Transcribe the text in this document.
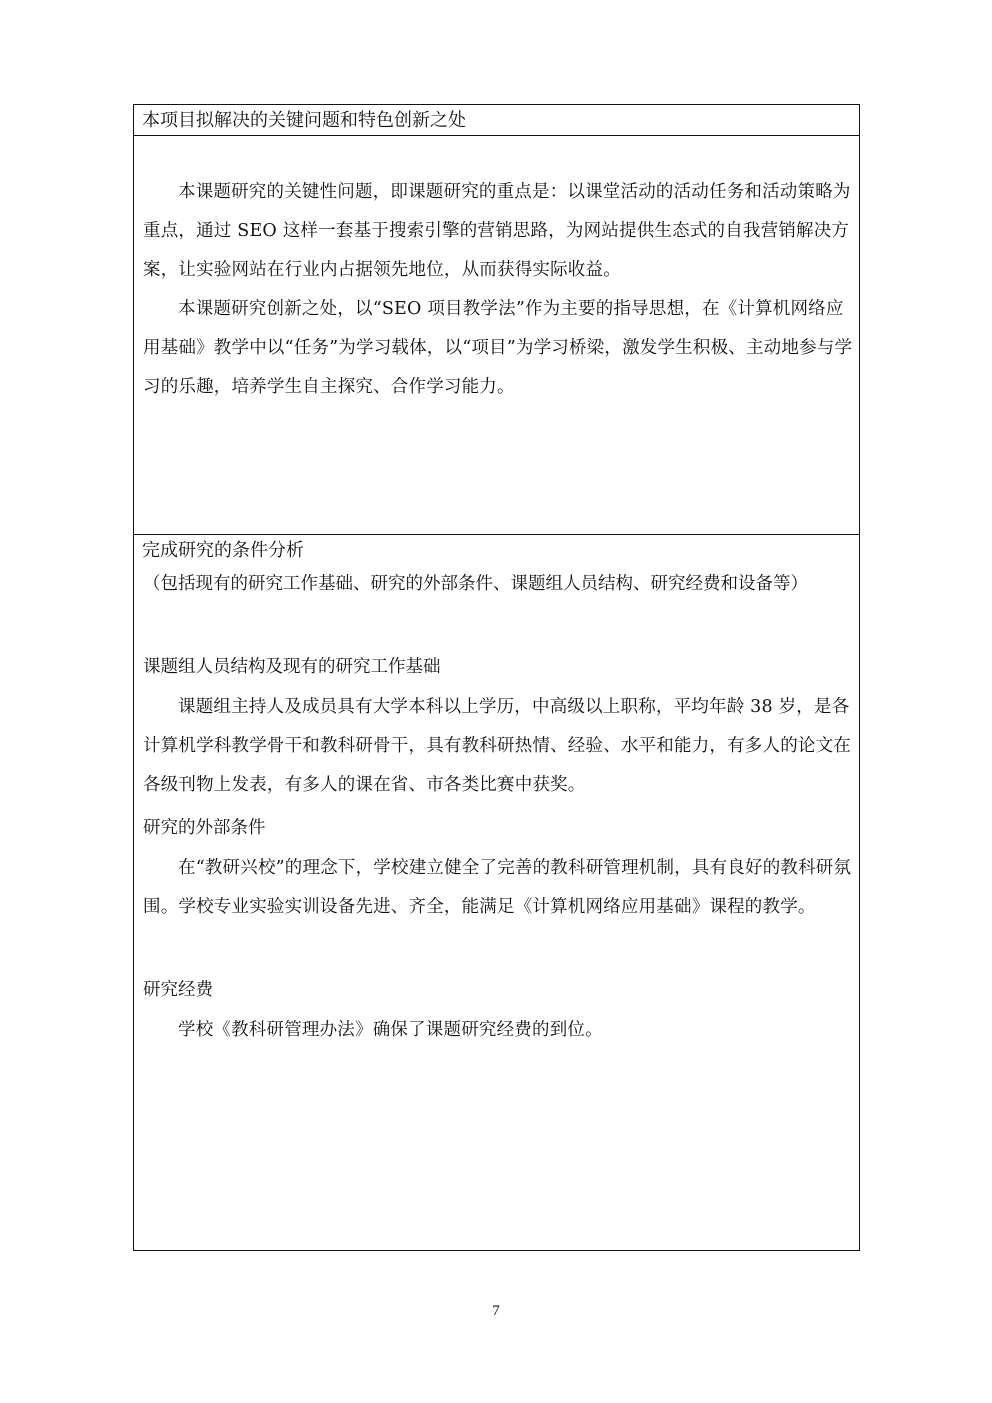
本项目拟解决的关键问题和特色创新之处

本课题研究的关键性问题，即课题研究的重点是：以课堂活动的活动任务和活动策略为重点，通过 SEO 这样一套基于搜索引擎的营销思路，为网站提供生态式的自我营销解决方案，让实验网站在行业内占据领先地位，从而获得实际收益。

本课题研究创新之处，以“SEO 项目教学法”作为主要的指导思想，在《计算机网络应用基础》教学中以“任务”为学习载体，以“项目”为学习桥梁，激发学生积极、主动地参与学习的乐趣，培养学生自主探究、合作学习能力。

完成研究的条件分析

（包括现有的研究工作基础、研究的外部条件、课题组人员结构、研究经费和设备等）

课题组人员结构及现有的研究工作基础

课题组主持人及成员具有大学本科以上学历，中高级以上职称，平均年龄 38 岁，是各计算机学科教学骨干和教科研骨干，具有教科研热情、经验、水平和能力，有多人的论文在各级刊物上发表，有多人的课在省、市各类比赛中获奖。

研究的外部条件

在“教研兴校”的理念下，学校建立健全了完善的教科研管理机制，具有良好的教科研氛围。学校专业实验实训设备先进、齐全，能满足《计算机网络应用基础》课程的教学。

研究经费

学校《教科研管理办法》确保了课题研究经费的到位。

7
